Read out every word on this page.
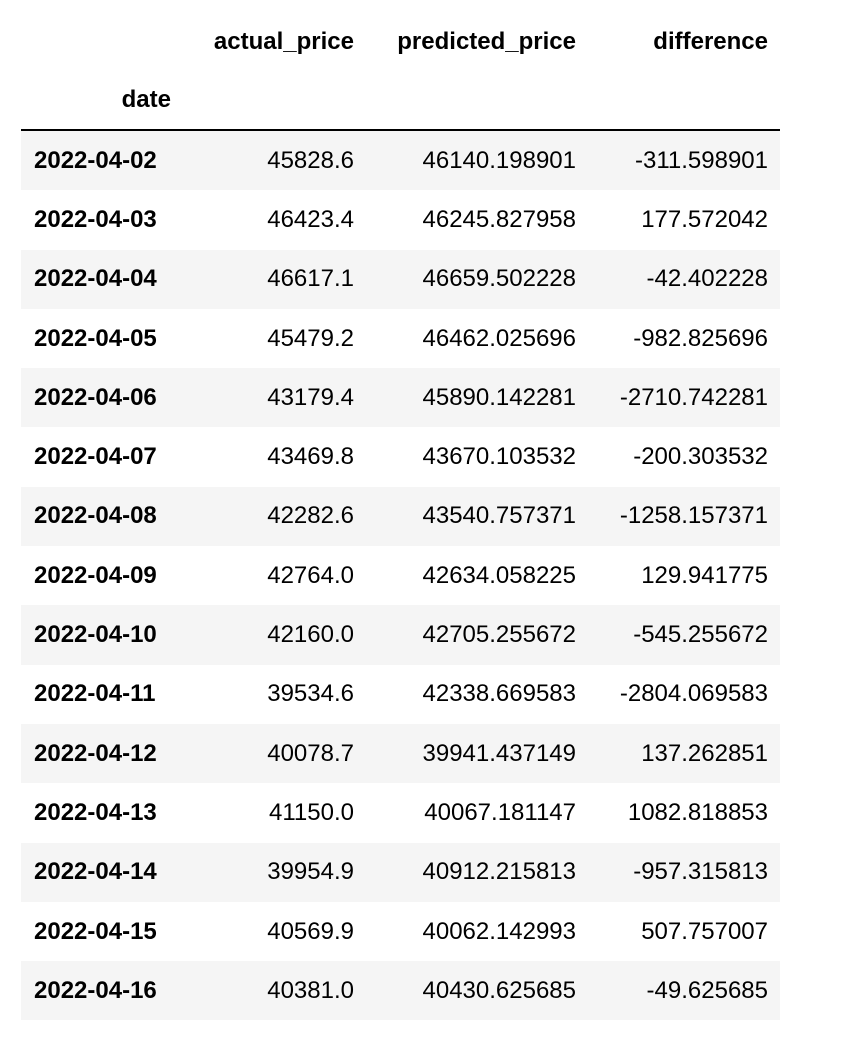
	actual_price	predicted_price	difference
date			
2022-04-02	45828.6	46140.198901	-311.598901
2022-04-03	46423.4	46245.827958	177.572042
2022-04-04	46617.1	46659.502228	-42.402228
2022-04-05	45479.2	46462.025696	-982.825696
2022-04-06	43179.4	45890.142281	-2710.742281
2022-04-07	43469.8	43670.103532	-200.303532
2022-04-08	42282.6	43540.757371	-1258.157371
2022-04-09	42764.0	42634.058225	129.941775
2022-04-10	42160.0	42705.255672	-545.255672
2022-04-11	39534.6	42338.669583	-2804.069583
2022-04-12	40078.7	39941.437149	137.262851
2022-04-13	41150.0	40067.181147	1082.818853
2022-04-14	39954.9	40912.215813	-957.315813
2022-04-15	40569.9	40062.142993	507.757007
2022-04-16	40381.0	40430.625685	-49.625685
